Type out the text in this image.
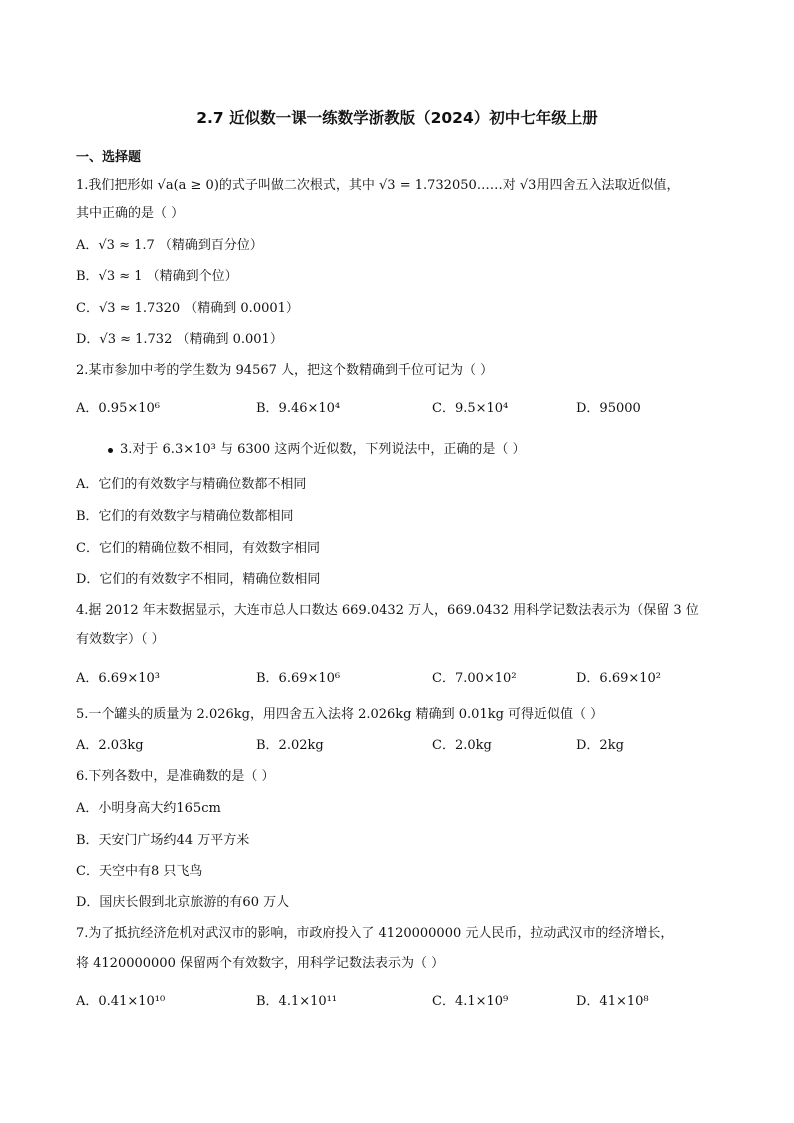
2.7 近似数一课一练数学浙教版（2024）初中七年级上册
一、选择题
1.我们把形如 √a(a ≥ 0)的式子叫做二次根式，其中 √3 = 1.732050……对 √3用四舍五入法取近似值，
其中正确的是（ ）
A．√3 ≈ 1.7 （精确到百分位）
B．√3 ≈ 1 （精确到个位）
C．√3 ≈ 1.7320 （精确到 0.0001）
D．√3 ≈ 1.732 （精确到 0.001）
2.某市参加中考的学生数为 94567 人，把这个数精确到千位可记为（ ）
A．0.95×10⁶	B．9.46×10⁴	C．9.5×10⁴	D．95000
3.对于 6.3×10³ 与 6300 这两个近似数，下列说法中，正确的是（ ）
A．它们的有效数字与精确位数都不相同
B．它们的有效数字与精确位数都相同
C．它们的精确位数不相同，有效数字相同
D．它们的有效数字不相同，精确位数相同
4.据 2012 年末数据显示，大连市总人口数达 669.0432 万人，669.0432 用科学记数法表示为（保留 3 位
有效数字）（ ）
A．6.69×10³	B．6.69×10⁶	C．7.00×10²	D．6.69×10²
5.一个罐头的质量为 2.026kg，用四舍五入法将 2.026kg 精确到 0.01kg 可得近似值（ ）
A．2.03kg	B．2.02kg	C．2.0kg	D．2kg
6.下列各数中，是准确数的是（ ）
A．小明身高大约165cm
B．天安门广场约44 万平方米
C．天空中有8 只飞鸟
D．国庆长假到北京旅游的有60 万人
7.为了抵抗经济危机对武汉市的影响，市政府投入了 4120000000 元人民币，拉动武汉市的经济增长，
将 4120000000 保留两个有效数字，用科学记数法表示为（ ）
A．0.41×10¹⁰	B．4.1×10¹¹	C．4.1×10⁹	D．41×10⁸
